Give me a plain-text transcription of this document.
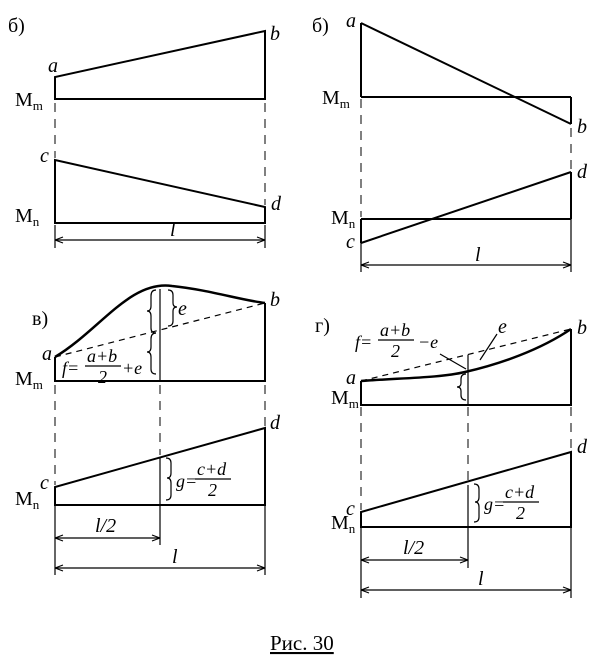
б)
a
b
$M_m$
c
d
$M_n$	l
б) a
b
$M_m$
c
d
$M_n$
l
в)	e
a
b
$M_m$
f=
a+b
2 +e
g=
c+d
2
c
d
$M_n$
l/2
l
г)	e
f=
a+b
2 −e
a
b
$M_m$
g=
c+d
2
c
d
$M_n$
l/2
l
Рис. 30
